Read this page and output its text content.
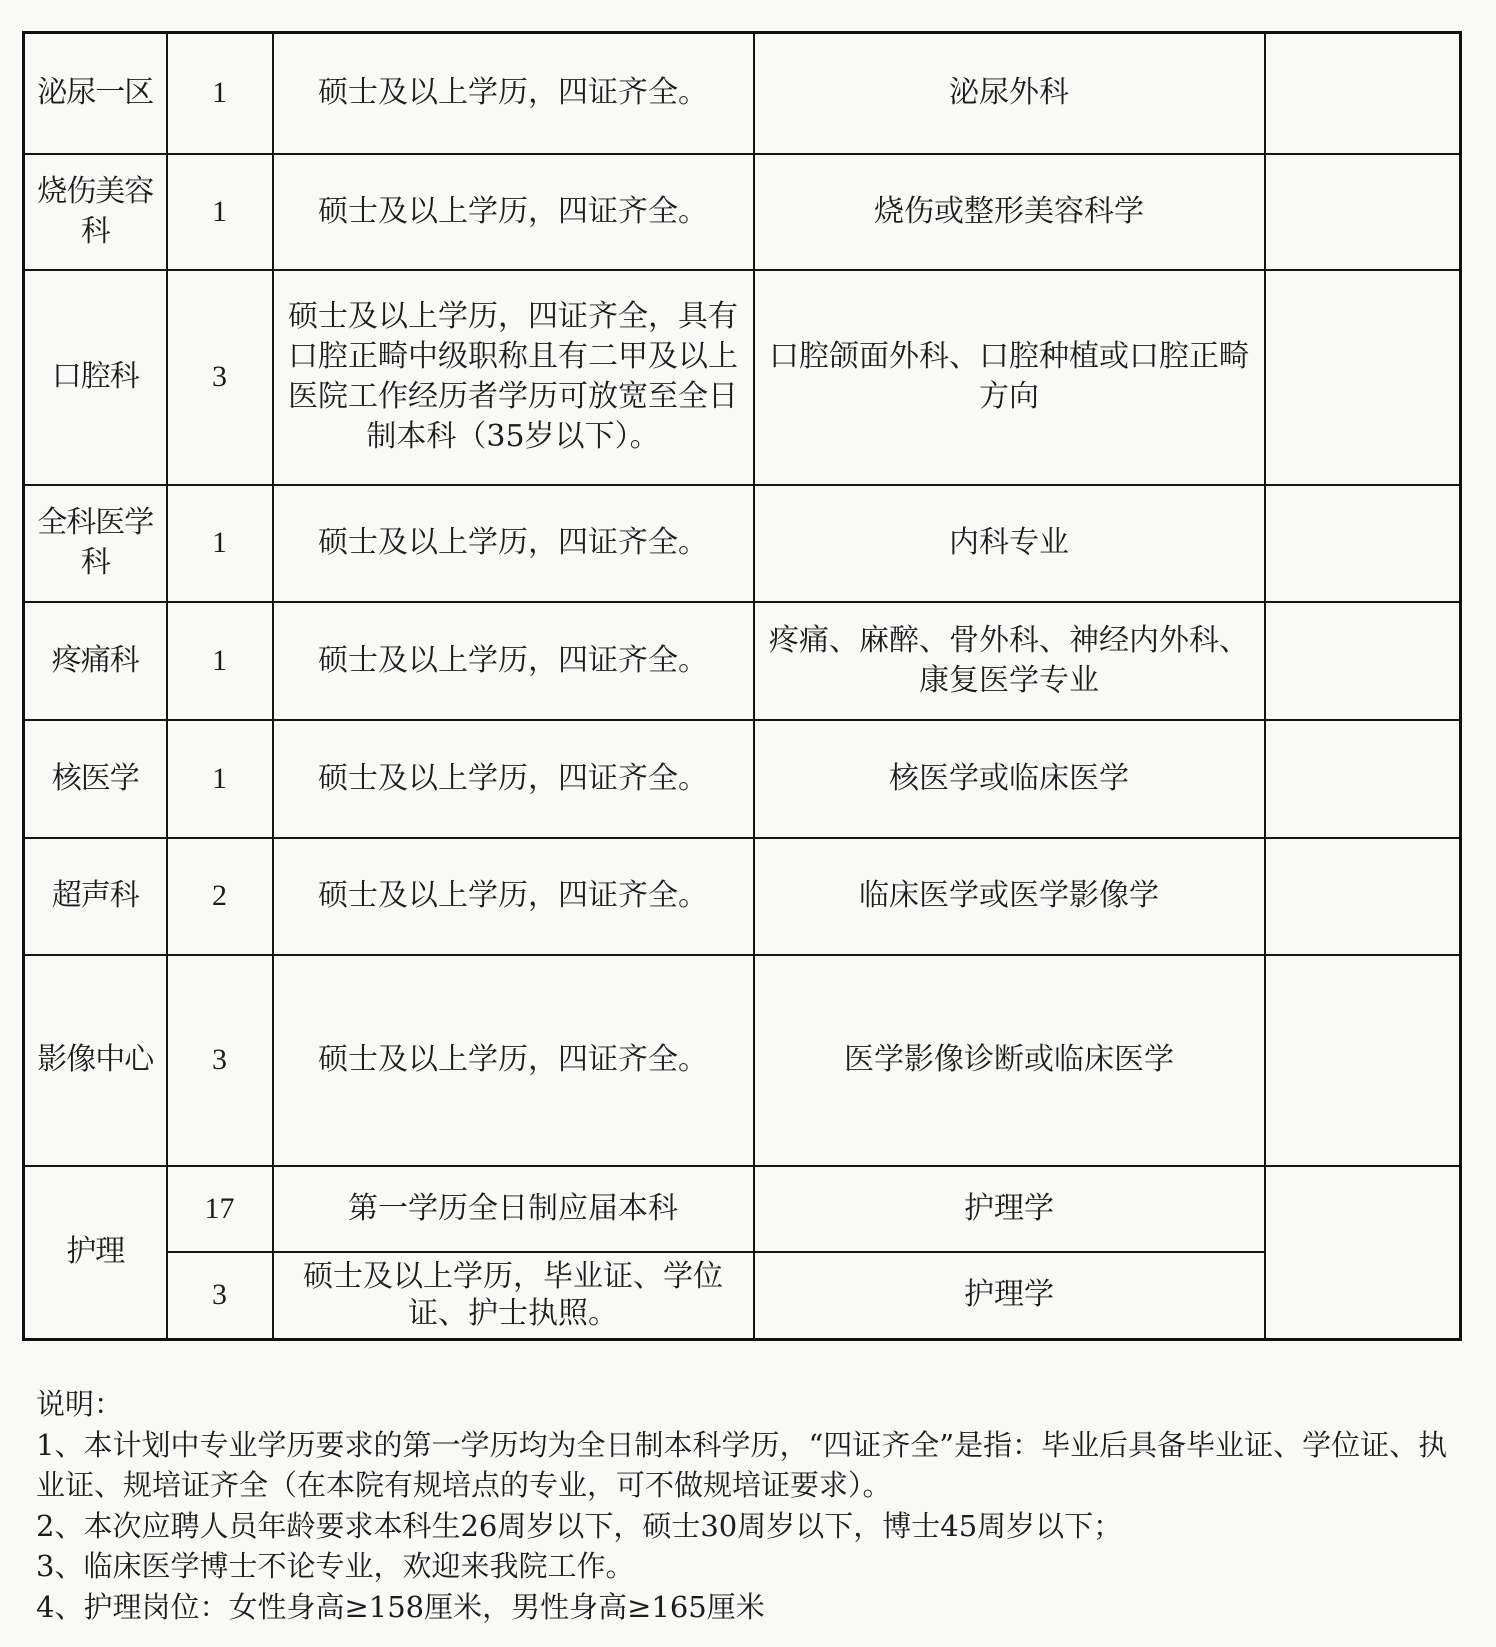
泌尿一区	1	硕士及以上学历，四证齐全。	泌尿外科	
烧伤美容科	1	硕士及以上学历，四证齐全。	烧伤或整形美容科学	
口腔科	3	硕士及以上学历，四证齐全，具有口腔正畸中级职称且有二甲及以上医院工作经历者学历可放宽至全日制本科（35岁以下）。	口腔颌面外科、口腔种植或口腔正畸方向	
全科医学科	1	硕士及以上学历，四证齐全。	内科专业	
疼痛科	1	硕士及以上学历，四证齐全。	疼痛、麻醉、骨外科、神经内外科、康复医学专业	
核医学	1	硕士及以上学历，四证齐全。	核医学或临床医学	
超声科	2	硕士及以上学历，四证齐全。	临床医学或医学影像学	
影像中心	3	硕士及以上学历，四证齐全。	医学影像诊断或临床医学	
护理	17	第一学历全日制应届本科	护理学	
	3	硕士及以上学历，毕业证、学位证、护士执照。	护理学	

说明：

1、本计划中专业学历要求的第一学历均为全日制本科学历，“四证齐全”是指：毕业后具备毕业证、学位证、执业证、规培证齐全（在本院有规培点的专业，可不做规培证要求）。

2、本次应聘人员年龄要求本科生26周岁以下，硕士30周岁以下，博士45周岁以下；

3、临床医学博士不论专业，欢迎来我院工作。

4、护理岗位：女性身高≥158厘米，男性身高≥165厘米
